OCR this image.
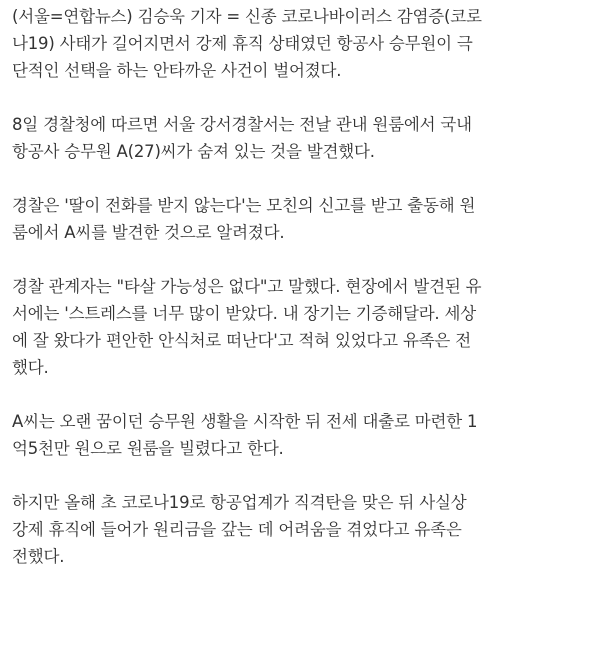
(서울=연합뉴스) 김승욱 기자 = 신종 코로나바이러스 감염증(코로
나19) 사태가 길어지면서 강제 휴직 상태였던 항공사 승무원이 극
단적인 선택을 하는 안타까운 사건이 벌어졌다.

8일 경찰청에 따르면 서울 강서경찰서는 전날 관내 원룸에서 국내
항공사 승무원 A(27)씨가 숨져 있는 것을 발견했다.

경찰은 '딸이 전화를 받지 않는다'는 모친의 신고를 받고 출동해 원
룸에서 A씨를 발견한 것으로 알려졌다.

경찰 관계자는 "타살 가능성은 없다"고 말했다. 현장에서 발견된 유
서에는 '스트레스를 너무 많이 받았다. 내 장기는 기증해달라. 세상
에 잘 왔다가 편안한 안식처로 떠난다'고 적혀 있었다고 유족은 전
했다.

A씨는 오랜 꿈이던 승무원 생활을 시작한 뒤 전세 대출로 마련한 1
억5천만 원으로 원룸을 빌렸다고 한다.

하지만 올해 초 코로나19로 항공업계가 직격탄을 맞은 뒤 사실상
강제 휴직에 들어가 원리금을 갚는 데 어려움을 겪었다고 유족은
전했다.
